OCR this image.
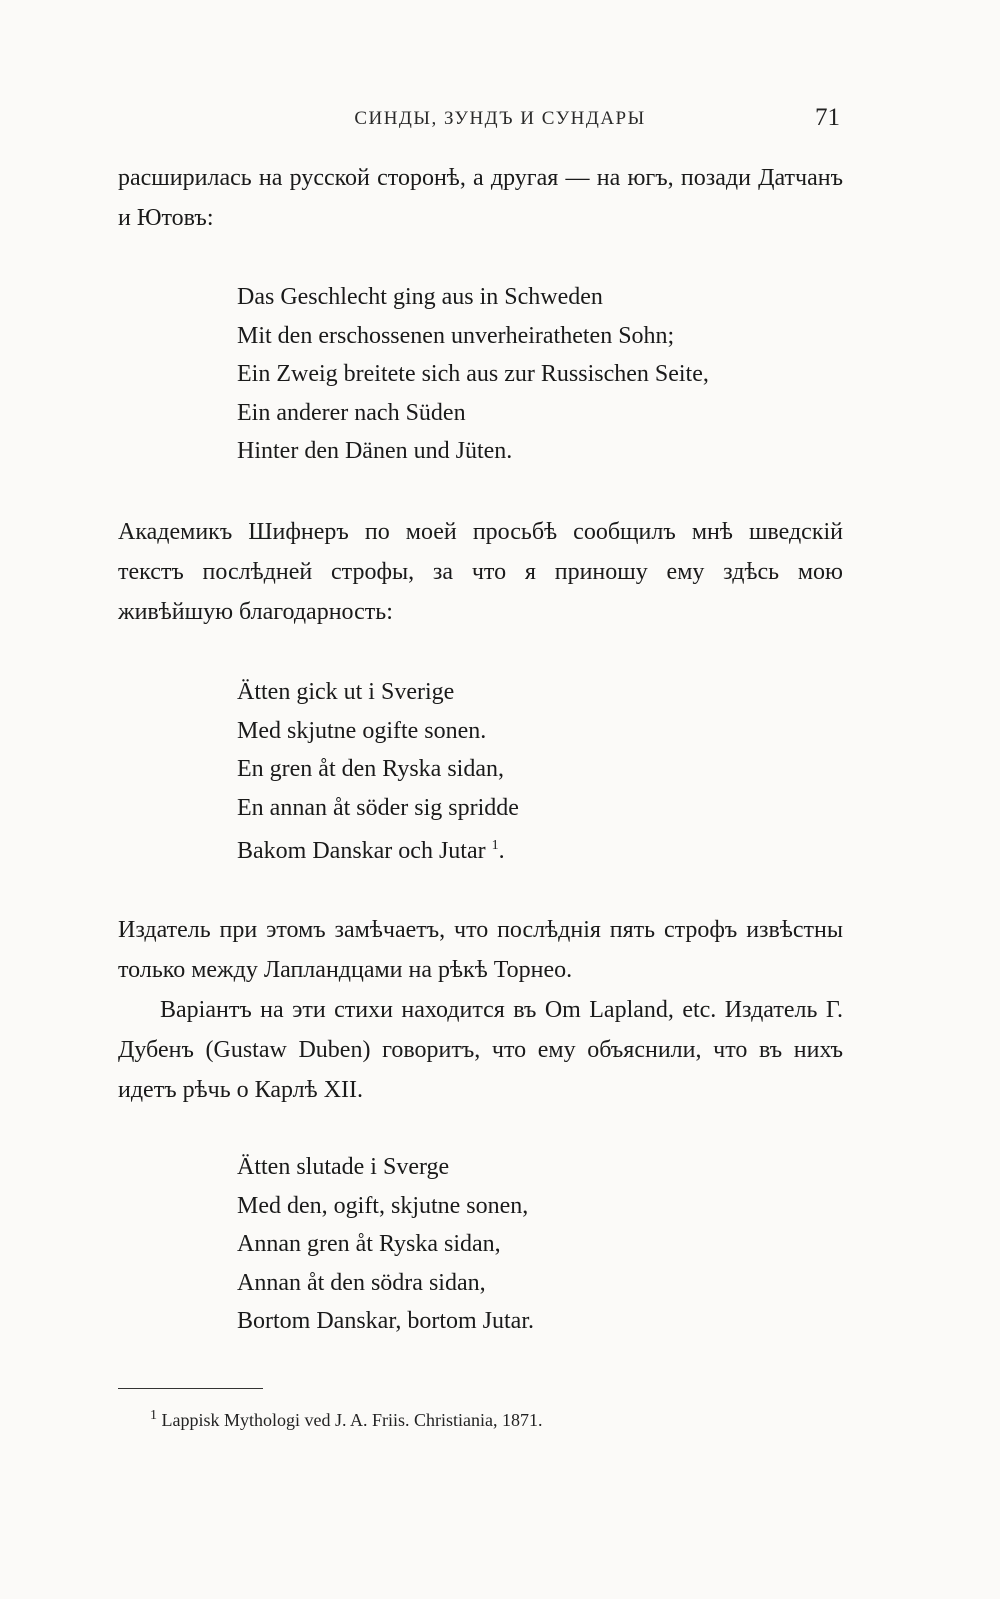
СИНДЫ, ЗУНДЪ И СУНДАРЫ	71
расширилась на русской сторонѣ, а другая — на югъ, позади Датчанъ и Ютовъ:
Das Geschlecht ging aus in Schweden
Mit den erschossenen unverheiratheten Sohn;
Ein Zweig breitete sich aus zur Russischen Seite,
Ein anderer nach Süden
Hinter den Dänen und Jüten.
Академикъ Шифнеръ по моей просьбѣ сообщилъ мнѣ шведскій текстъ послѣдней строфы, за что я приношу ему здѣсь мою живѣйшую благодарность:
Ätten gick ut i Sverige
Med skjutne ogifte sonen.
En gren åt den Ryska sidan,
En annan åt söder sig spridde
Bakom Danskar och Jutar $^1$.
Издатель при этомъ замѣчаетъ, что послѣднія пять строфъ извѣстны только между Лапландцами на рѣкѣ Торнео.
Варіантъ на эти стихи находится въ Om Lapland, etc. Издатель Г. Дубенъ (Gustaw Duben) говоритъ, что ему объяснили, что въ нихъ идетъ рѣчь о Карлѣ XII.
Ätten slutade i Sverge
Med den, ogift, skjutne sonen,
Annan gren åt Ryska sidan,
Annan åt den södra sidan,
Bortom Danskar, bortom Jutar.
$^1$ Lappisk Mythologi ved J. A. Friis. Christiania, 1871.
